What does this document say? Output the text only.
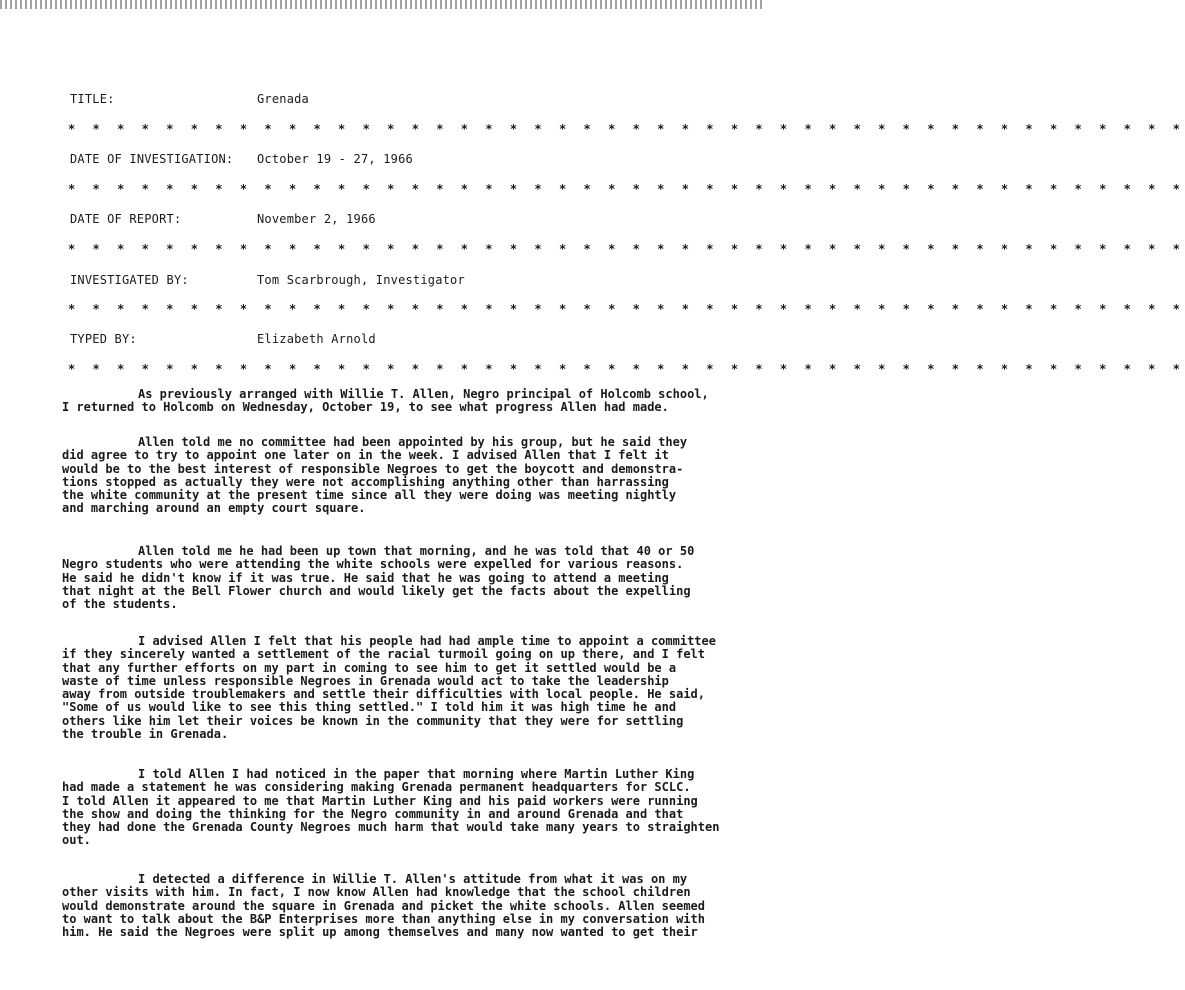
TITLE:	Grenada
* * * * * * * * * * * * * * * * * * * * * * * * * * * * * * * * * * * * * * * * * * * * * *
DATE OF INVESTIGATION: October 19 - 27, 1966
* * * * * * * * * * * * * * * * * * * * * * * * * * * * * * * * * * * * * * * * * * * * * *
DATE OF REPORT:	November 2, 1966
* * * * * * * * * * * * * * * * * * * * * * * * * * * * * * * * * * * * * * * * * * * * * *
INVESTIGATED BY:	Tom Scarbrough, Investigator
* * * * * * * * * * * * * * * * * * * * * * * * * * * * * * * * * * * * * * * * * * * * * *
TYPED BY:	Elizabeth Arnold
* * * * * * * * * * * * * * * * * * * * * * * * * * * * * * * * * * * * * * * * * * * * * *
As previously arranged with Willie T. Allen, Negro principal of Holcomb school,
I returned to Holcomb on Wednesday, October 19, to see what progress Allen had made.
Allen told me no committee had been appointed by his group, but he said they
did agree to try to appoint one later on in the week. I advised Allen that I felt it
would be to the best interest of responsible Negroes to get the boycott and demonstra-
tions stopped as actually they were not accomplishing anything other than harrassing
the white community at the present time since all they were doing was meeting nightly
and marching around an empty court square.
Allen told me he had been up town that morning, and he was told that 40 or 50
Negro students who were attending the white schools were expelled for various reasons.
He said he didn't know if it was true. He said that he was going to attend a meeting
that night at the Bell Flower church and would likely get the facts about the expelling
of the students.
I advised Allen I felt that his people had had ample time to appoint a committee
if they sincerely wanted a settlement of the racial turmoil going on up there, and I felt
that any further efforts on my part in coming to see him to get it settled would be a
waste of time unless responsible Negroes in Grenada would act to take the leadership
away from outside troublemakers and settle their difficulties with local people. He said,
"Some of us would like to see this thing settled." I told him it was high time he and
others like him let their voices be known in the community that they were for settling
the trouble in Grenada.
I told Allen I had noticed in the paper that morning where Martin Luther King
had made a statement he was considering making Grenada permanent headquarters for SCLC.
I told Allen it appeared to me that Martin Luther King and his paid workers were running
the show and doing the thinking for the Negro community in and around Grenada and that
they had done the Grenada County Negroes much harm that would take many years to straighten
out.
I detected a difference in Willie T. Allen's attitude from what it was on my
other visits with him. In fact, I now know Allen had knowledge that the school children
would demonstrate around the square in Grenada and picket the white schools. Allen seemed
to want to talk about the B&P Enterprises more than anything else in my conversation with
him. He said the Negroes were split up among themselves and many now wanted to get their
